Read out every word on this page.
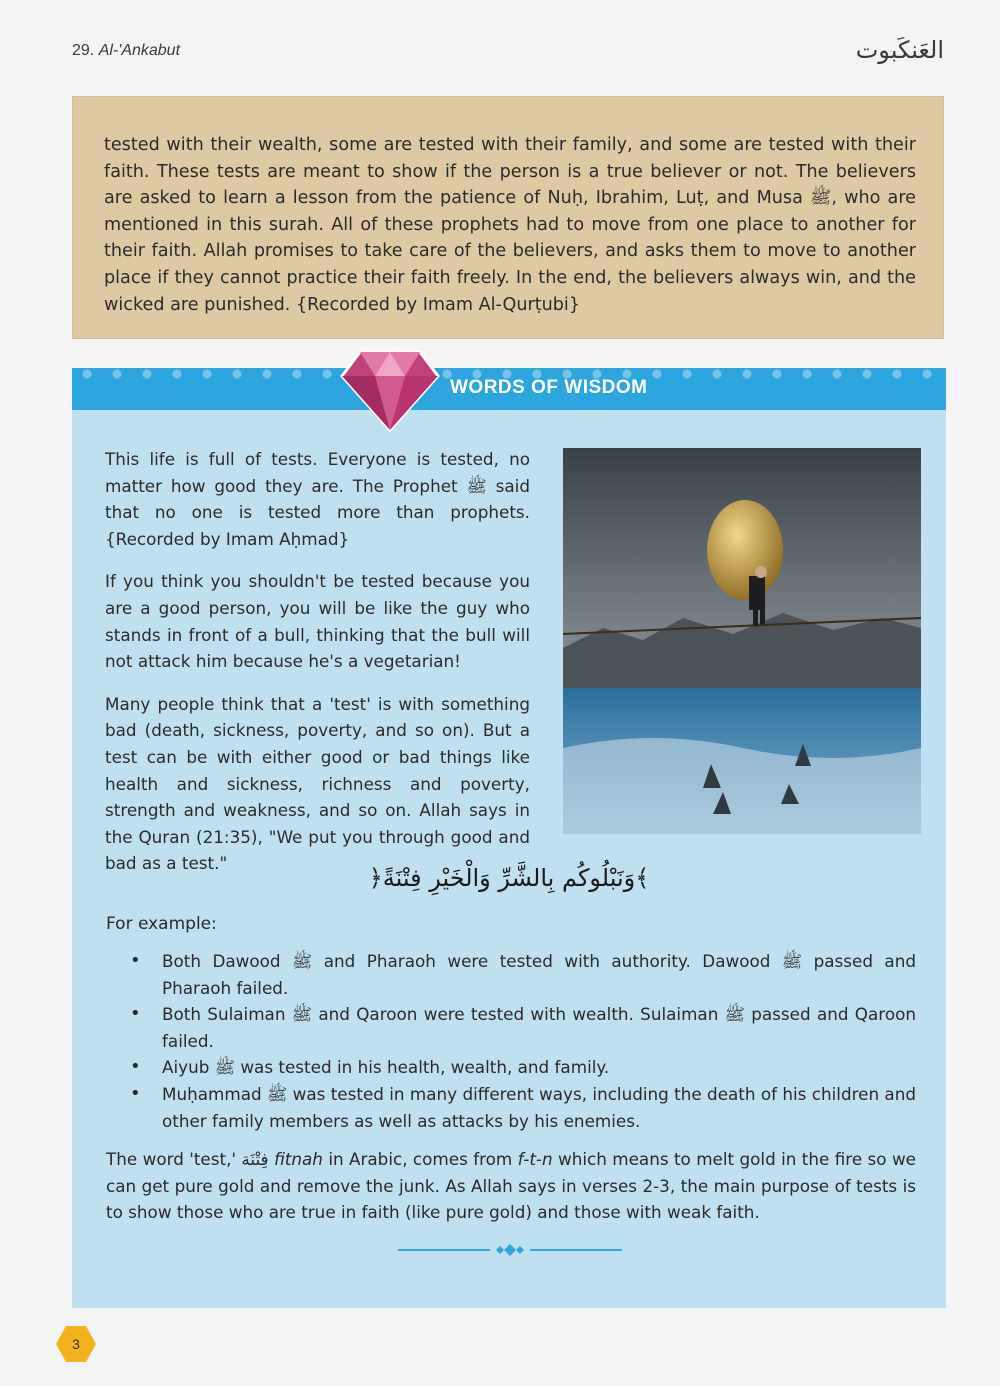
29. Al-'Ankabut	العَنكَبوت

tested with their wealth, some are tested with their family, and some are tested with their faith. These tests are meant to show if the person is a true believer or not. The believers are asked to learn a lesson from the patience of Nuḥ, Ibrahim, Luṭ, and Musa ﷺ, who are mentioned in this surah. All of these prophets had to move from one place to another for their faith. Allah promises to take care of the believers, and asks them to move to another place if they cannot practice their faith freely. In the end, the believers always win, and the wicked are punished. {Recorded by Imam Al-Qurṭubi}

WORDS OF WISDOM

This life is full of tests. Everyone is tested, no matter how good they are. The Prophet ﷺ said that no one is tested more than prophets. {Recorded by Imam Aḥmad}

If you think you shouldn't be tested because you are a good person, you will be like the guy who stands in front of a bull, thinking that the bull will not attack him because he's a vegetarian!

Many people think that a 'test' is with something bad (death, sickness, poverty, and so on). But a test can be with either good or bad things like health and sickness, richness and poverty, strength and weakness, and so on. Allah says in the Quran (21:35), "We put you through good and bad as a test."

﴿وَنَبْلُوكُم بِالشَّرِّ وَالْخَيْرِ فِتْنَةً﴾
For example:
• Both Dawood ﷺ and Pharaoh were tested with authority. Dawood ﷺ passed and Pharaoh failed.
• Both Sulaiman ﷺ and Qaroon were tested with wealth. Sulaiman ﷺ passed and Qaroon failed.
• Aiyub ﷺ was tested in his health, wealth, and family.
• Muḥammad ﷺ was tested in many different ways, including the death of his children and other family members as well as attacks by his enemies.

The word 'test,' فِتْنَة fitnah in Arabic, comes from f-t-n which means to melt gold in the fire so we can get pure gold and remove the junk. As Allah says in verses 2-3, the main purpose of tests is to show those who are true in faith (like pure gold) and those with weak faith.

3
